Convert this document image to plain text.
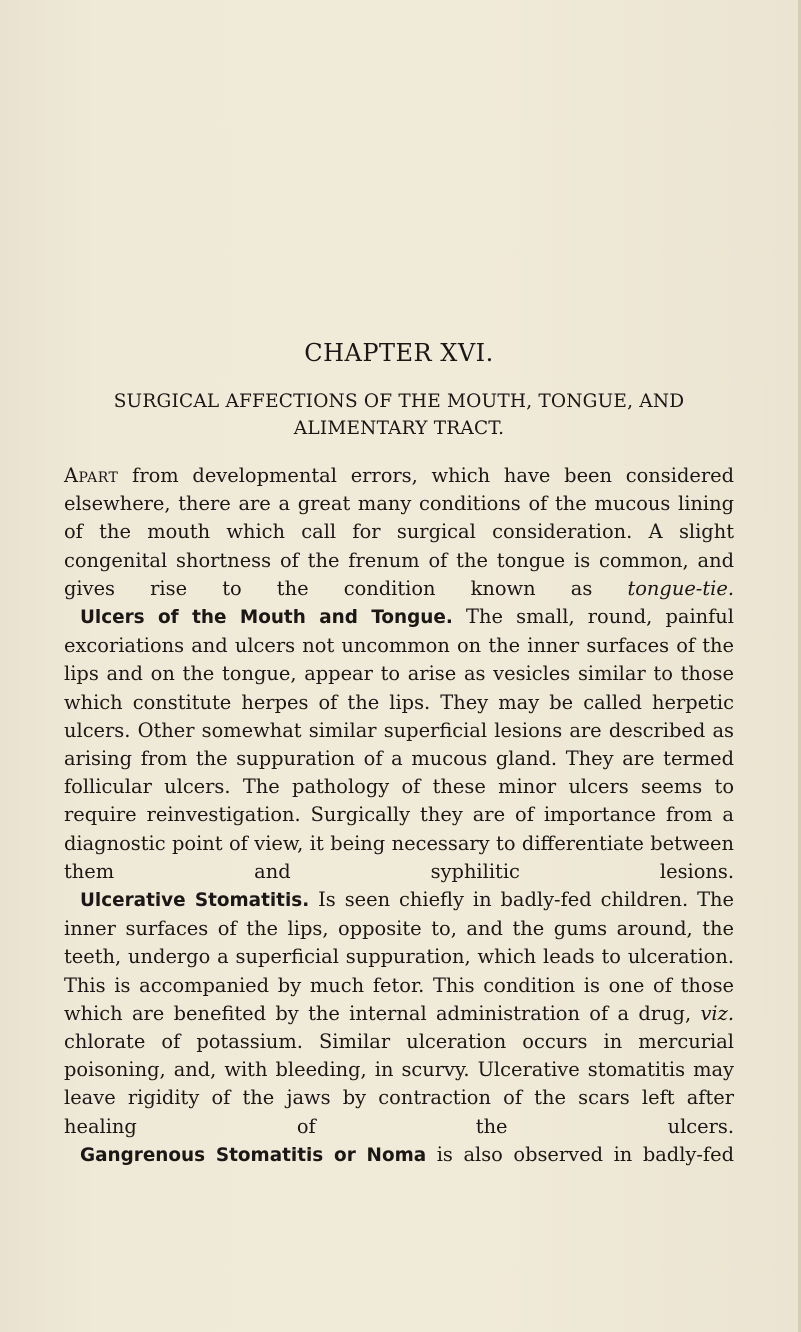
CHAPTER XVI.
SURGICAL AFFECTIONS OF THE MOUTH, TONGUE, AND
ALIMENTARY TRACT.

Apart from developmental errors, which have been considered elsewhere, there are a great many conditions of the mucous lining of the mouth which call for surgical consideration. A slight congenital shortness of the frenum of the tongue is common, and gives rise to the condition known as tongue-tie.

Ulcers of the Mouth and Tongue. The small, round, painful excoriations and ulcers not uncommon on the inner surfaces of the lips and on the tongue, appear to arise as vesicles similar to those which constitute herpes of the lips. They may be called herpetic ulcers. Other somewhat similar superficial lesions are described as arising from the suppuration of a mucous gland. They are termed follicular ulcers. The pathology of these minor ulcers seems to require reinvestigation. Surgically they are of importance from a diagnostic point of view, it being necessary to differentiate between them and syphilitic lesions.

Ulcerative Stomatitis. Is seen chiefly in badly-fed children. The inner surfaces of the lips, opposite to, and the gums around, the teeth, undergo a superficial suppuration, which leads to ulceration. This is accompanied by much fetor. This condition is one of those which are benefited by the internal administration of a drug, viz. chlorate of potassium. Similar ulceration occurs in mercurial poisoning, and, with bleeding, in scurvy. Ulcerative stomatitis may leave rigidity of the jaws by contraction of the scars left after healing of the ulcers.

Gangrenous Stomatitis or Noma is also observed in badly-fed
